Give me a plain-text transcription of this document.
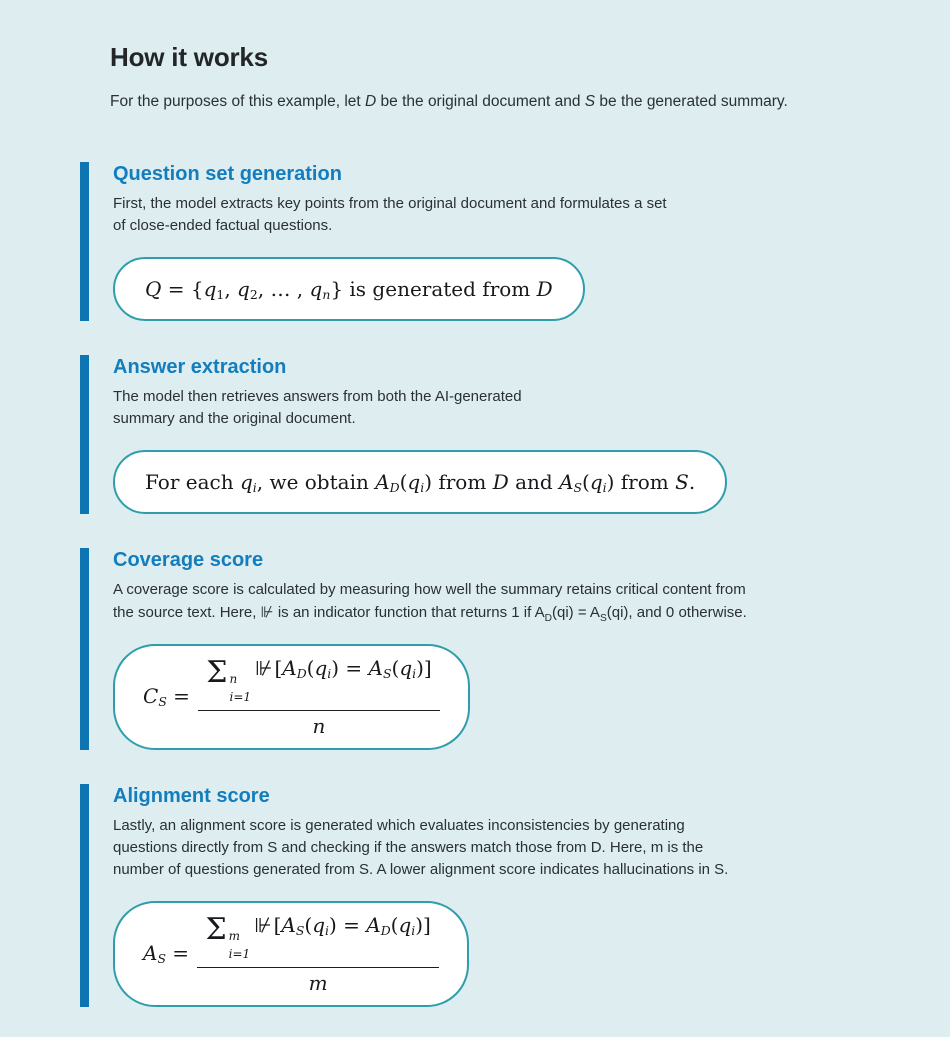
How it works

For the purposes of this example, let D be the original document and S be the generated summary.

Question set generation

First, the model extracts key points from the original document and formulates a set
of close-ended factual questions.

Q = {q1, q2, … , qn} is generated from D
Answer extraction

The model then retrieves answers from both the AI-generated
summary and the original document.

For each qi, we obtain AD(qi) from D and AS(qi) from S.
Coverage score

A coverage score is calculated by measuring how well the summary retains critical content from
the source text. Here, ⊮ is an indicator function that returns 1 if $A_D(qi) = A_S(qi)$, and 0 otherwise.

CS = Σ n
i=1
⊮ [AD(qi) = AS(qi)]
n
Alignment score

Lastly, an alignment score is generated which evaluates inconsistencies by generating
questions directly from S and checking if the answers match those from D. Here, m is the
number of questions generated from S. A lower alignment score indicates hallucinations in S.

AS = Σ m
i=1
⊮ [AS(qi) = AD(qi)]
m
